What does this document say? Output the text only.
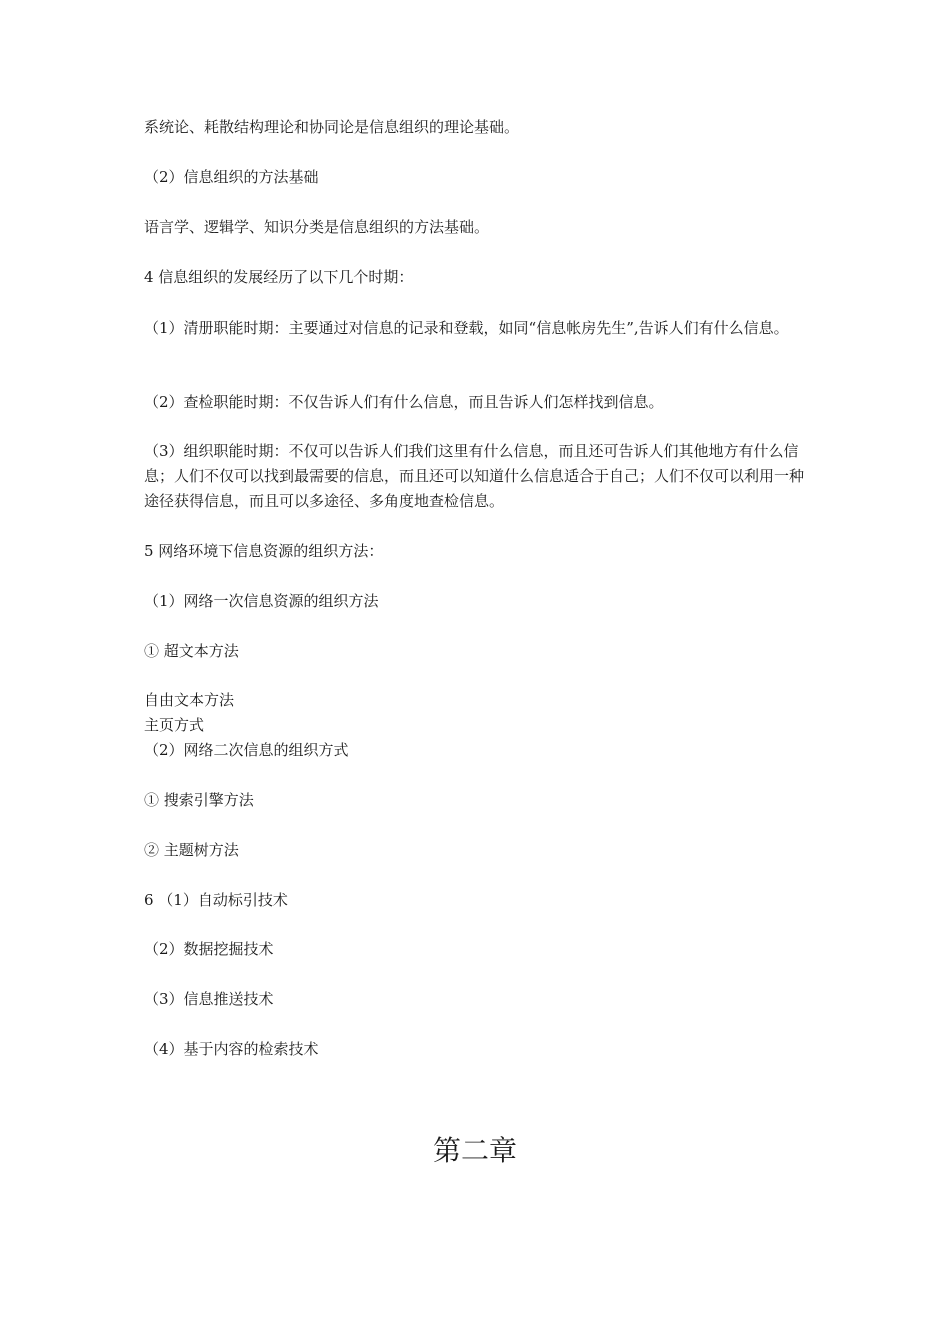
系统论、耗散结构理论和协同论是信息组织的理论基础。
（2）信息组织的方法基础
语言学、逻辑学、知识分类是信息组织的方法基础。
4 信息组织的发展经历了以下几个时期：
（1）清册职能时期：主要通过对信息的记录和登载，如同“信息帐房先生”,告诉人们有什么信息。
（2）查检职能时期：不仅告诉人们有什么信息，而且告诉人们怎样找到信息。
（3）组织职能时期：不仅可以告诉人们我们这里有什么信息，而且还可告诉人们其他地方有什么信息；人们不仅可以找到最需要的信息，而且还可以知道什么信息适合于自己；人们不仅可以利用一种途径获得信息，而且可以多途径、多角度地查检信息。
5 网络环境下信息资源的组织方法：
（1）网络一次信息资源的组织方法
① 超文本方法
自由文本方法
主页方式
（2）网络二次信息的组织方式
① 搜索引擎方法
② 主题树方法
6 （1）自动标引技术
（2）数据挖掘技术
（3）信息推送技术
（4）基于内容的检索技术
第二章
